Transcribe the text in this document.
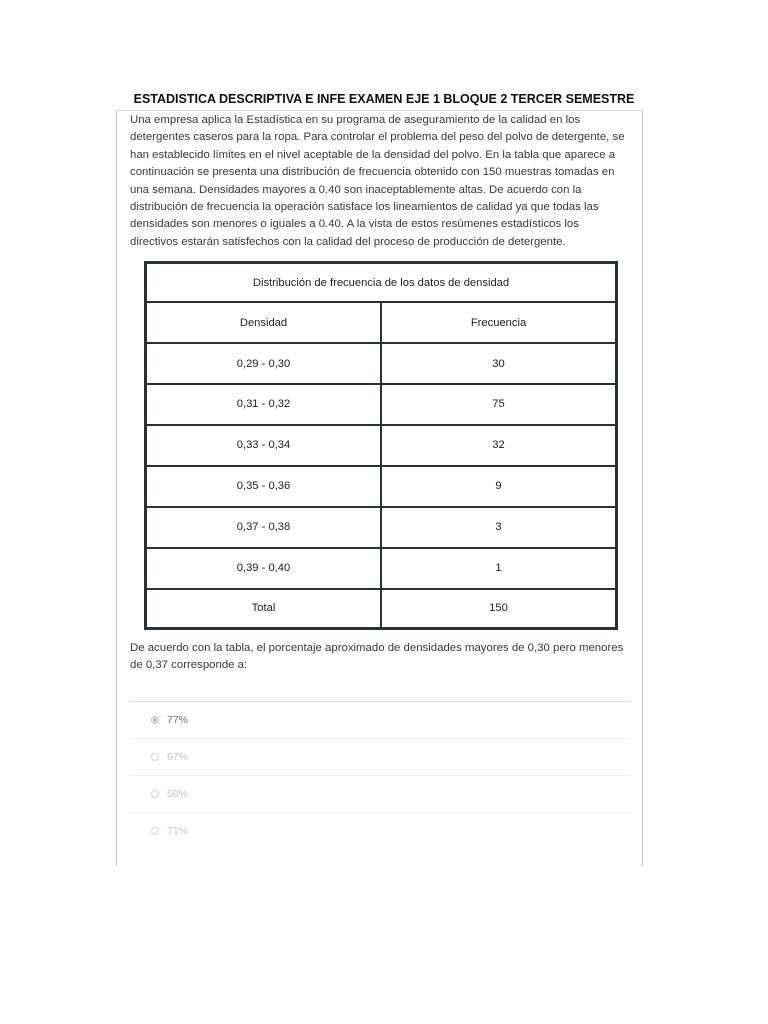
ESTADISTICA DESCRIPTIVA E INFE EXAMEN EJE 1 BLOQUE 2 TERCER SEMESTRE

Una empresa aplica la Estadística en su programa de aseguramiento de la calidad en los detergentes caseros para la ropa. Para controlar el problema del peso del polvo de detergente, se han establecido límites en el nivel aceptable de la densidad del polvo. En la tabla que aparece a continuación se presenta una distribución de frecuencia obtenido con 150 muestras tomadas en una semana. Densidades mayores a 0.40 son inaceptablemente altas. De acuerdo con la distribución de frecuencia la operación satisface los lineamientos de calidad ya que todas las densidades son menores o iguales a 0.40. A la vista de estos resúmenes estadísticos los directivos estarán satisfechos con la calidad del proceso de producción de detergente.

Distribución de frecuencia de los datos de densidad	
Densidad	Frecuencia
0,29 - 0,30	30
0,31 - 0,32	75
0,33 - 0,34	32
0,35 - 0,36	9
0,37 - 0,38	3
0,39 - 0,40	1
Total	150

De acuerdo con la tabla, el porcentaje aproximado de densidades mayores de 0,30 pero menores de 0,37 corresponde a:

77%
67%
50%
71%
